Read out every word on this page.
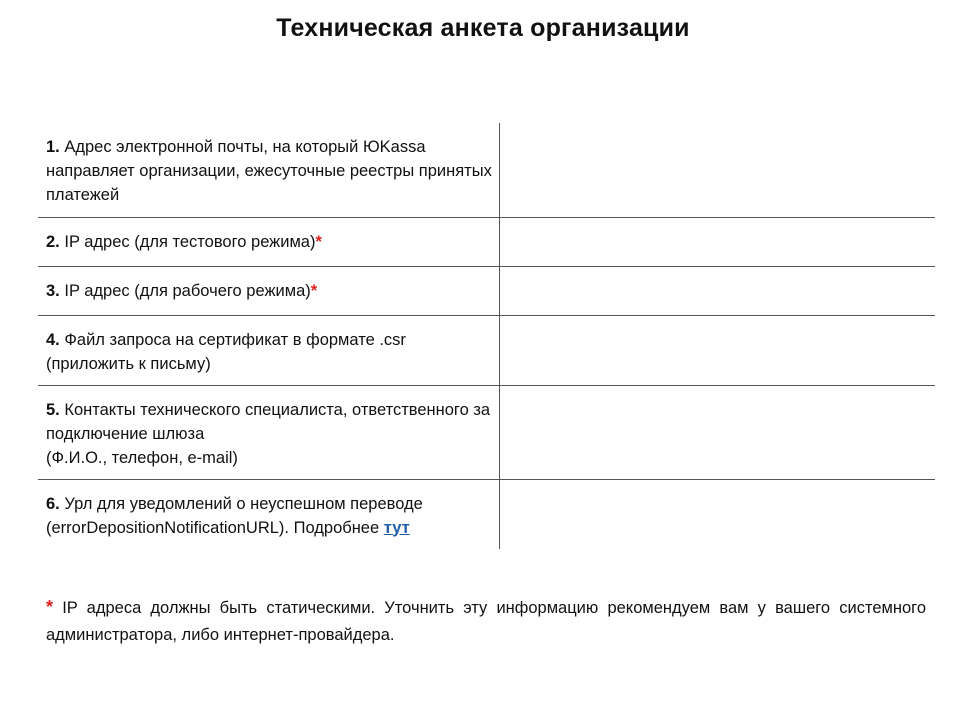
Техническая анкета организации
1. Адрес электронной почты, на который ЮKassa направляет организации, ежесуточные реестры принятых платежей	
2. IP адрес (для тестового режима)*	
3. IP адрес (для рабочего режима)*	
4. Файл запроса на сертификат в формате .csr (приложить к письму)	
5. Контакты технического специалиста, ответственного за подключение шлюза
(Ф.И.О., телефон, e-mail)	
6. Урл для уведомлений о неуспешном переводе (errorDepositionNotificationURL). Подробнее тут	
* IP адреса должны быть статическими. Уточнить эту информацию рекомендуем вам у вашего системного администратора, либо интернет-провайдера.
